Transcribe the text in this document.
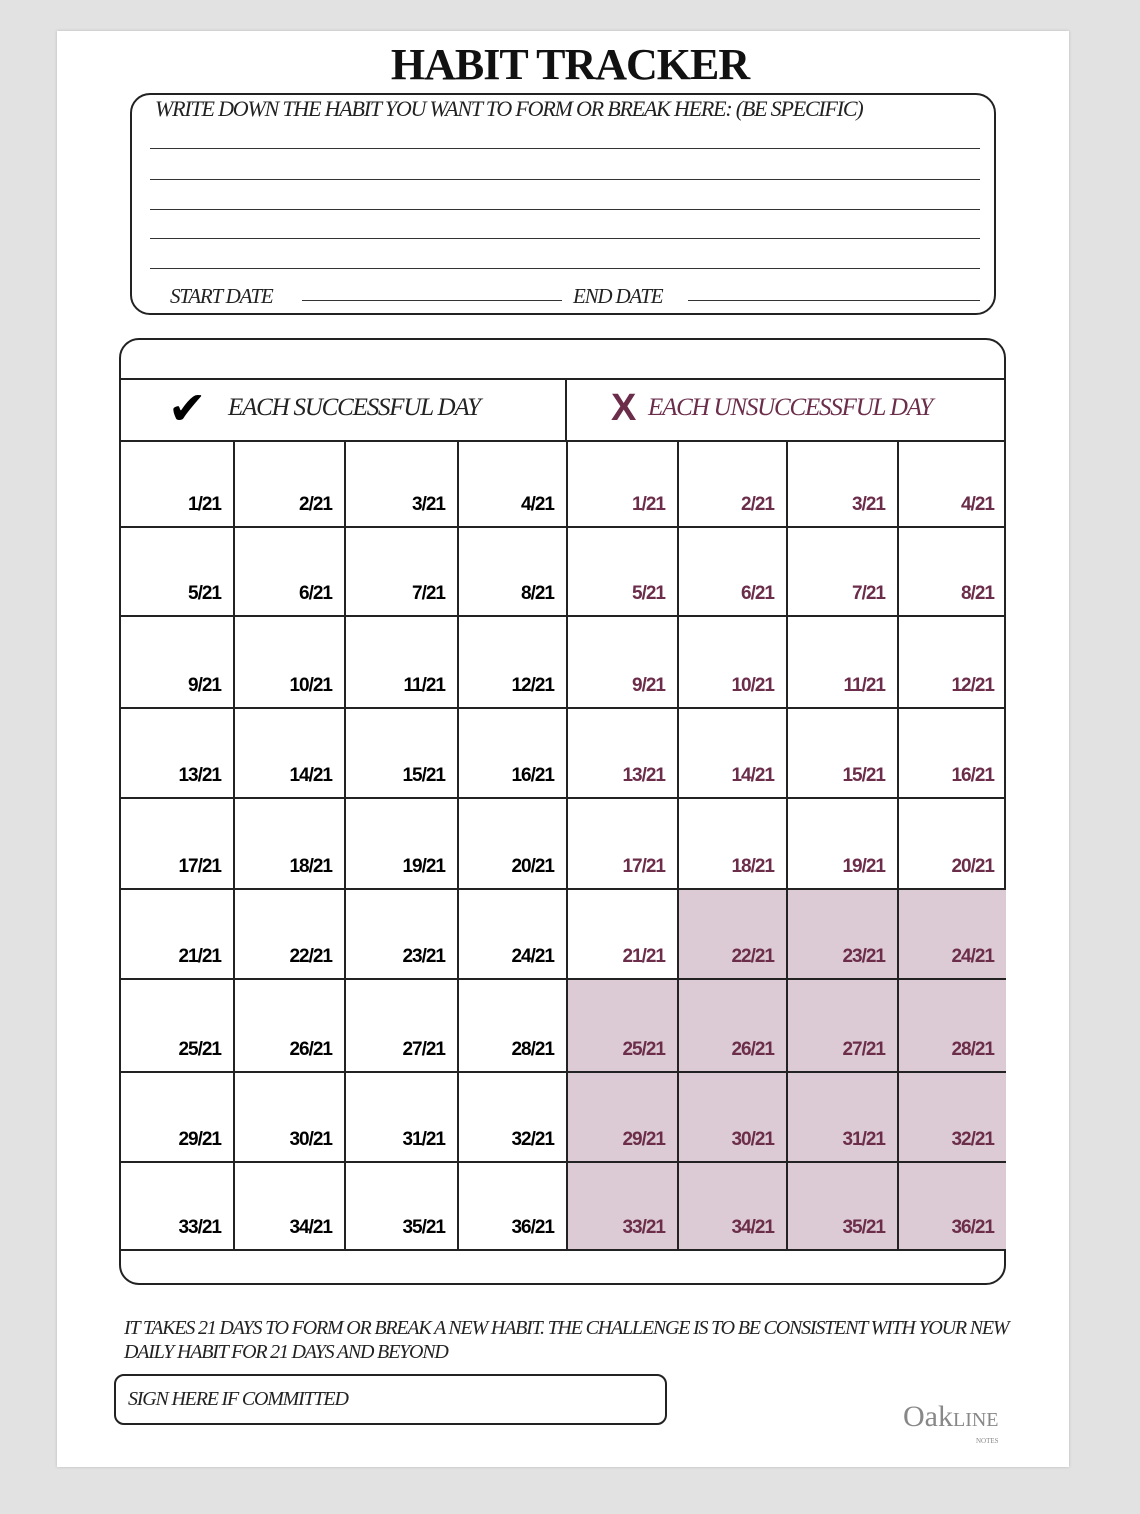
HABIT TRACKER
WRITE DOWN THE HABIT YOU WANT TO FORM OR BREAK HERE: (BE SPECIFIC)
START DATE	END DATE
1/21	2/21	3/21	4/21	1/21	2/21	3/21	4/21
5/21	6/21	7/21	8/21	5/21	6/21	7/21	8/21
9/21	10/21	11/21	12/21	9/21	10/21	11/21	12/21
13/21	14/21	15/21	16/21	13/21	14/21	15/21	16/21
17/21	18/21	19/21	20/21	17/21	18/21	19/21	20/21
21/21	22/21	23/21	24/21	21/21	22/21	23/21	24/21
25/21	26/21	27/21	28/21	25/21	26/21	27/21	28/21
29/21	30/21	31/21	32/21	29/21	30/21	31/21	32/21
33/21	34/21	35/21	36/21	33/21	34/21	35/21	36/21
✔ EACH SUCCESSFUL DAY	X EACH UNSUCCESSFUL DAY
IT TAKES 21 DAYS TO FORM OR BREAK A NEW HABIT. THE CHALLENGE IS TO BE CONSISTENT WITH YOUR NEW DAILY HABIT FOR 21 DAYS AND BEYOND
SIGN HERE IF COMMITTED
OakLINE
NOTES
